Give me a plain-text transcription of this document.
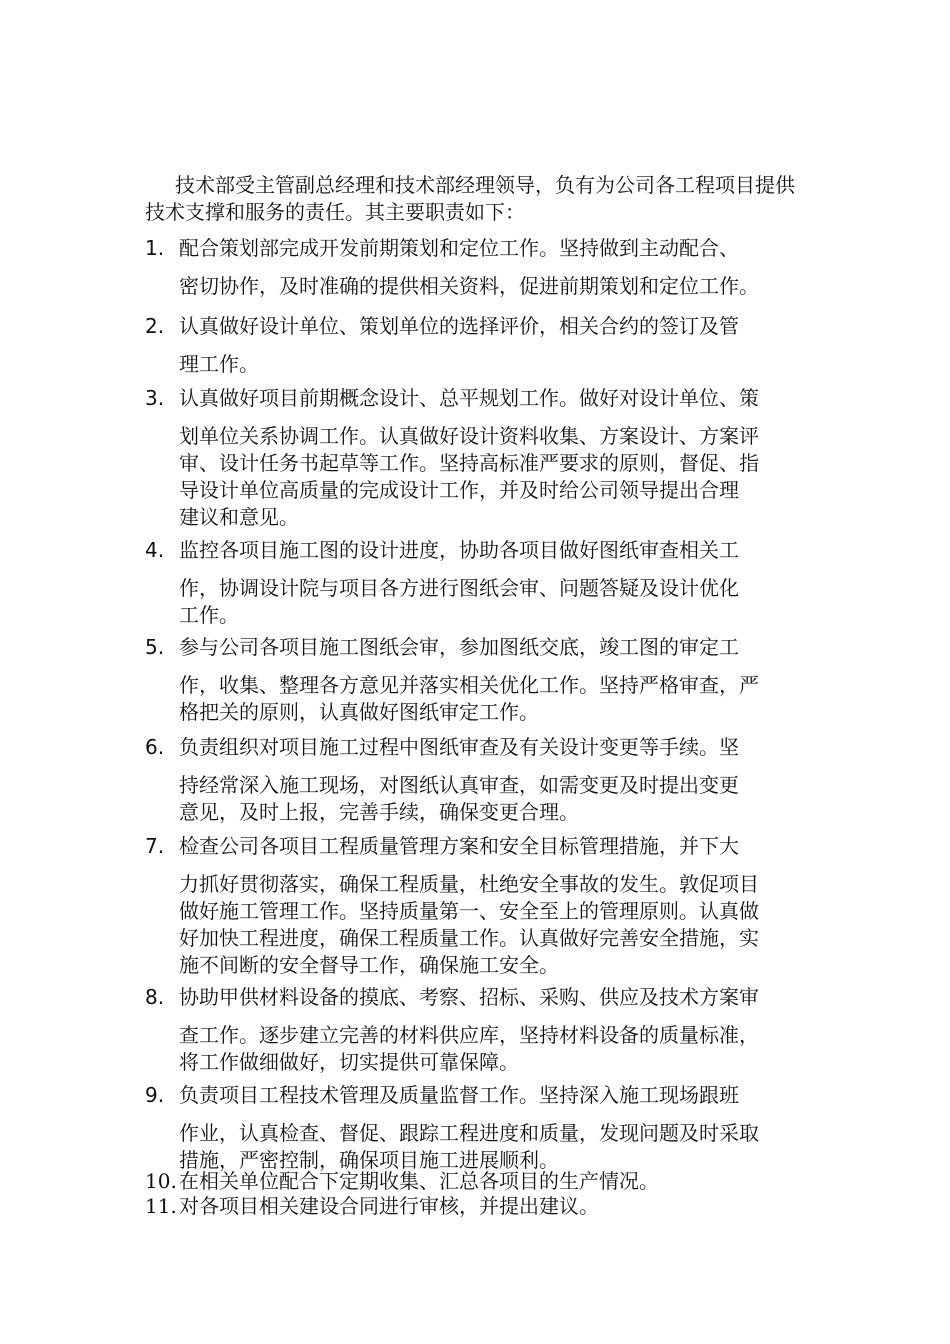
技术部受主管副总经理和技术部经理领导，负有为公司各工程项目提供技术支撑和服务的责任。其主要职责如下：

1. 配合策划部完成开发前期策划和定位工作。坚持做到主动配合、
密切协作，及时准确的提供相关资料，促进前期策划和定位工作。
2. 认真做好设计单位、策划单位的选择评价，相关合约的签订及管
理工作。
3. 认真做好项目前期概念设计、总平规划工作。做好对设计单位、策
划单位关系协调工作。认真做好设计资料收集、方案设计、方案评
审、设计任务书起草等工作。坚持高标准严要求的原则，督促、指
导设计单位高质量的完成设计工作，并及时给公司领导提出合理
建议和意见。
4. 监控各项目施工图的设计进度，协助各项目做好图纸审查相关工
作，协调设计院与项目各方进行图纸会审、问题答疑及设计优化
工作。
5. 参与公司各项目施工图纸会审，参加图纸交底，竣工图的审定工
作，收集、整理各方意见并落实相关优化工作。坚持严格审查，严
格把关的原则，认真做好图纸审定工作。
6. 负责组织对项目施工过程中图纸审查及有关设计变更等手续。坚
持经常深入施工现场，对图纸认真审查，如需变更及时提出变更
意见，及时上报，完善手续，确保变更合理。
7. 检查公司各项目工程质量管理方案和安全目标管理措施，并下大
力抓好贯彻落实，确保工程质量，杜绝安全事故的发生。敦促项目
做好施工管理工作。坚持质量第一、安全至上的管理原则。认真做
好加快工程进度，确保工程质量工作。认真做好完善安全措施，实
施不间断的安全督导工作，确保施工安全。
8. 协助甲供材料设备的摸底、考察、招标、采购、供应及技术方案审
查工作。逐步建立完善的材料供应库，坚持材料设备的质量标准，
将工作做细做好，切实提供可靠保障。
9. 负责项目工程技术管理及质量监督工作。坚持深入施工现场跟班
作业，认真检查、督促、跟踪工程进度和质量，发现问题及时采取
措施，严密控制，确保项目施工进展顺利。
10. 在相关单位配合下定期收集、汇总各项目的生产情况。
11. 对各项目相关建设合同进行审核，并提出建议。
